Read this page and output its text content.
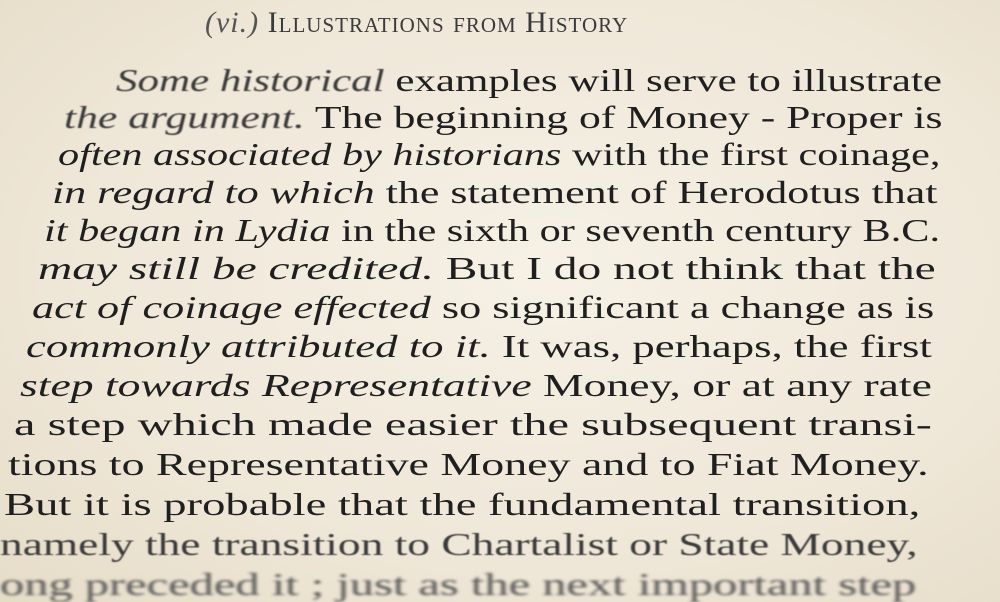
(vi.) Illustrations from History

Some historical examples will serve to illustrate

the argument. The beginning of Money - Proper is

often associated by historians with the first coinage,

in regard to which the statement of Herodotus that

it began in Lydia in the sixth or seventh century B.C.

may still be credited. But I do not think that the

act of coinage effected so significant a change as is

commonly attributed to it. It was, perhaps, the first

step towards Representative Money, or at any rate

a step which made easier the subsequent transi-

tions to Representative Money and to Fiat Money.

But it is probable that the fundamental transition,

namely the transition to Chartalist or State Money,

ong preceded it ; just as the next important step
